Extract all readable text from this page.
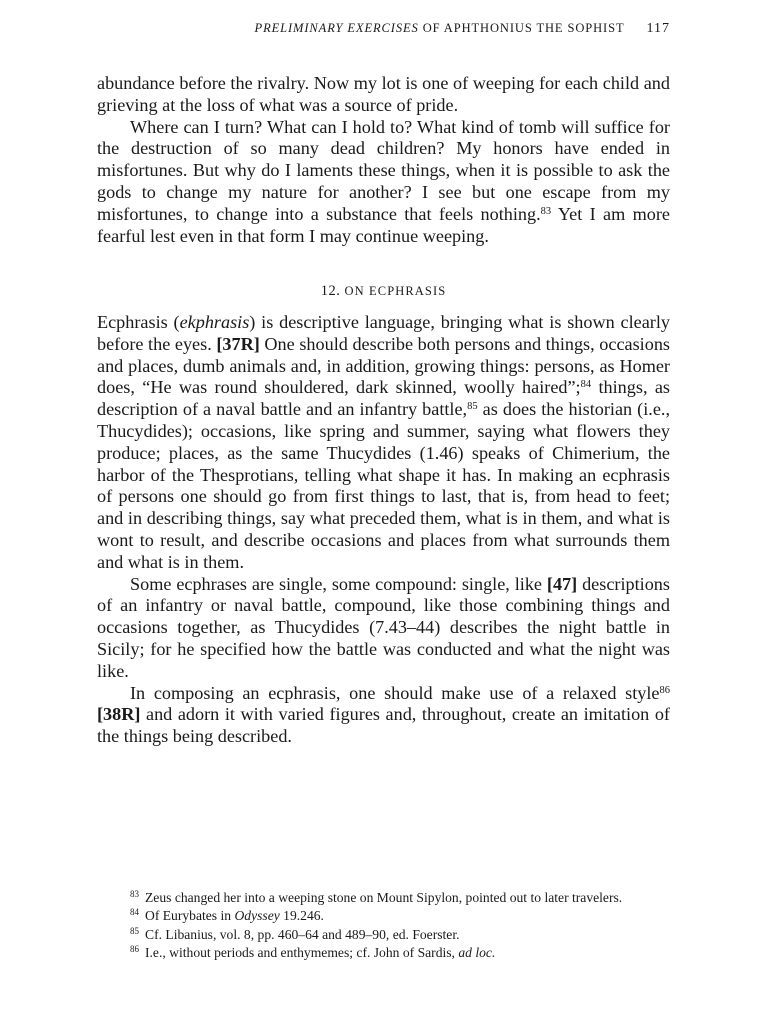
PRELIMINARY EXERCISES OF APHTHONIUS THE SOPHIST 117

abundance before the rivalry. Now my lot is one of weeping for each child and grieving at the loss of what was a source of pride.

Where can I turn? What can I hold to? What kind of tomb will suffice for the destruction of so many dead children? My honors have ended in misfortunes. But why do I laments these things, when it is possible to ask the gods to change my nature for another? I see but one escape from my misfortunes, to change into a substance that feels nothing.$^{83}$ Yet I am more fearful lest even in that form I may continue weeping.

12. ON ECPHRASIS

Ecphrasis (ekphrasis) is descriptive language, bringing what is shown clearly before the eyes. [37R] One should describe both persons and things, occasions and places, dumb animals and, in addition, growing things: persons, as Homer does, “He was round shouldered, dark skinned, woolly haired”;$^{84}$ things, as description of a naval battle and an infantry battle,$^{85}$ as does the historian (i.e., Thucydides); occasions, like spring and summer, saying what flowers they produce; places, as the same Thucydides (1.46) speaks of Chimerium, the harbor of the Thesprotians, telling what shape it has. In making an ecphrasis of persons one should go from first things to last, that is, from head to feet; and in describing things, say what preceded them, what is in them, and what is wont to result, and describe occasions and places from what surrounds them and what is in them.

Some ecphrases are single, some compound: single, like [47] descriptions of an infantry or naval battle, compound, like those combining things and occasions together, as Thucydides (7.43–44) describes the night battle in Sicily; for he specified how the battle was conducted and what the night was like.

In composing an ecphrasis, one should make use of a relaxed style$^{86}$ [38R] and adorn it with varied figures and, throughout, create an imitation of the things being described.

$^{83}$ Zeus changed her into a weeping stone on Mount Sipylon, pointed out to later travelers.

$^{84}$ Of Eurybates in Odyssey 19.246.

$^{85}$ Cf. Libanius, vol. 8, pp. 460–64 and 489–90, ed. Foerster.

$^{86}$ I.e., without periods and enthymemes; cf. John of Sardis, ad loc.
